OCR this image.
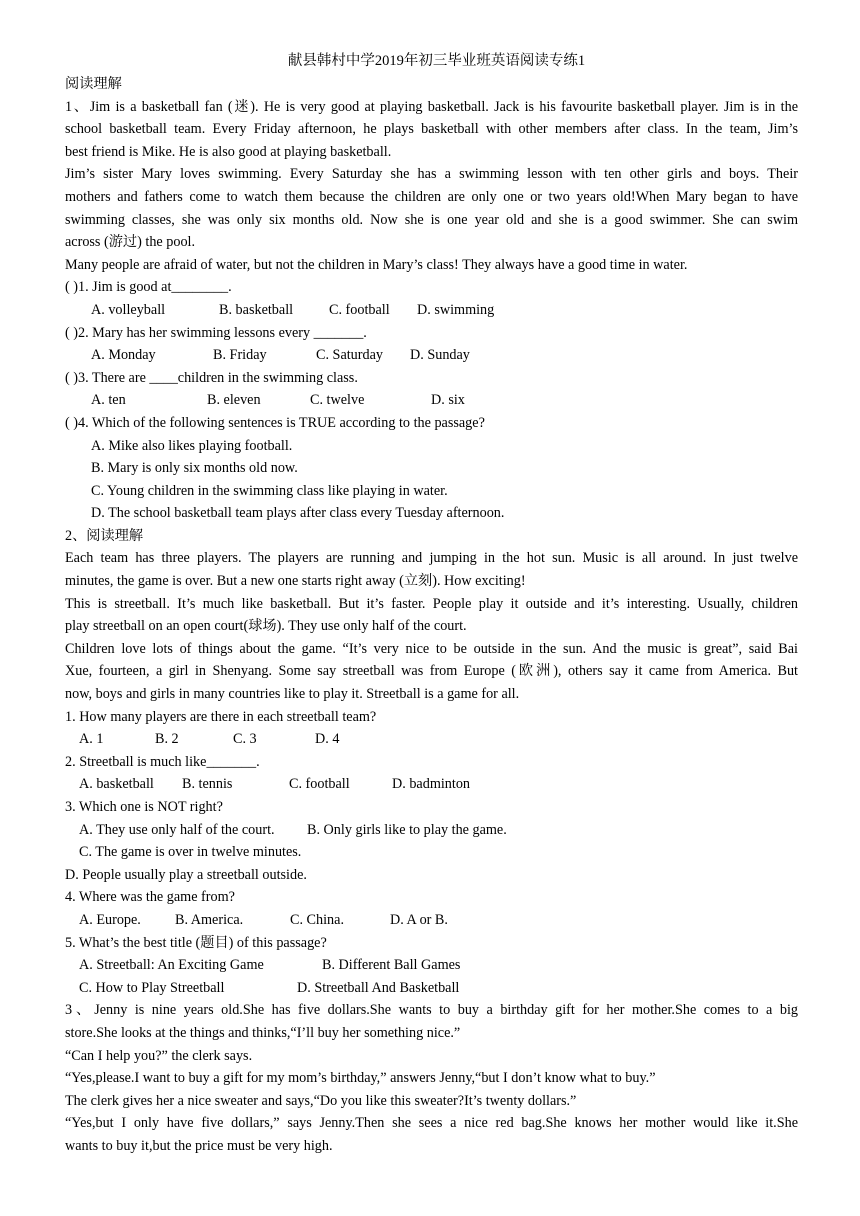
献县韩村中学2019年初三毕业班英语阅读专练1
阅读理解
1、Jim is a basketball fan (迷). He is very good at playing basketball. Jack is his favourite basketball player. Jim is in the
school basketball team. Every Friday afternoon, he plays basketball with other members after class. In the team, Jim’s
best friend is Mike. He is also good at playing basketball.
Jim’s sister Mary loves swimming. Every Saturday she has a swimming lesson with ten other girls and boys. Their
mothers and fathers come to watch them because the children are only one or two years old!When Mary began to have
swimming classes, she was only six months old. Now she is one year old and she is a good swimmer. She can swim
across (游过) the pool.
Many people are afraid of water, but not the children in Mary’s class! They always have a good time in water.
( )1. Jim is good at________.
A. volleyball	B. basketball	C. football	D. swimming
( )2. Mary has her swimming lessons every _______.
A. Monday	B. Friday	C. Saturday	D. Sunday
( )3. There are ____children in the swimming class.
A. ten	B. eleven	C. twelve	D. six
( )4. Which of the following sentences is TRUE according to the passage?
A. Mike also likes playing football.
B. Mary is only six months old now.
C. Young children in the swimming class like playing in water.
D. The school basketball team plays after class every Tuesday afternoon.
2、阅读理解
Each team has three players. The players are running and jumping in the hot sun. Music is all around. In just twelve
minutes, the game is over. But a new one starts right away (立刻). How exciting!
This is streetball. It’s much like basketball. But it’s faster. People play it outside and it’s interesting. Usually, children
play streetball on an open court(球场). They use only half of the court.
Children love lots of things about the game. “It’s very nice to be outside in the sun. And the music is great”, said Bai
Xue, fourteen, a girl in Shenyang. Some say streetball was from Europe (欧洲), others say it came from America. But
now, boys and girls in many countries like to play it. Streetball is a game for all.
1. How many players are there in each streetball team?
A. 1	B. 2	C. 3	D. 4
2. Streetball is much like_______.
A. basketball	B. tennis	C. football	D. badminton
3. Which one is NOT right?
A. They use only half of the court.	B. Only girls like to play the game.
C. The game is over in twelve minutes.
D. People usually play a streetball outside.
4. Where was the game from?
A. Europe.	B. America.	C. China.	D. A or B.
5. What’s the best title (题目) of this passage?
A. Streetball: An Exciting Game	B. Different Ball Games
C. How to Play Streetball	D. Streetball And Basketball
3、Jenny is nine years old.She has five dollars.She wants to buy a birthday gift for her mother.She comes to a big
store.She looks at the things and thinks,“I’ll buy her something nice.”
“Can I help you?” the clerk says.
“Yes,please.I want to buy a gift for my mom’s birthday,” answers Jenny,“but I don’t know what to buy.”
The clerk gives her a nice sweater and says,“Do you like this sweater?It’s twenty dollars.”
“Yes,but I only have five dollars,” says Jenny.Then she sees a nice red bag.She knows her mother would like it.She
wants to buy it,but the price must be very high.
